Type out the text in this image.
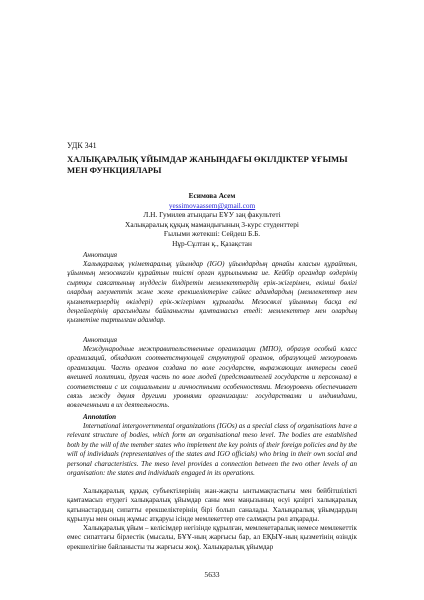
УДК 341

ХАЛЫҚАРАЛЫҚ ҰЙЫМДАР ЖАНЫНДАҒЫ ӨКІЛДІКТЕР ҰҒЫМЫ МЕН ФУНКЦИЯЛАРЫ

Есимова Асем

yessimovaassem@gmail.com

Л.Н. Гумилев атындағы ЕҰУ заң факультеті
Халықаралық құқық мамандығының 3-курс студенттері
Ғылыми жетекші: Сейдеш Б.Б.
Нұр-Сұлтан қ., Қазақстан

Аннотация

Халықаралық үкіметаралық ұйымдар (IGO) ұйымдардың арнайы класын құрайтын, ұйымның мезосвказін құрайтын тиісті орган құрылымына ие. Кейбір органдар өздерінің сыртқы саясатының мүддесін білдіретін мемлекеттердің ерік-жігерімен, екінші бөлігі олардың әлеуметтік және жеке ерекшеліктеріне сәйкес адамдардың (мемлекеттер мен қызметкерлердің өкілдері) ерік-жігерімен құрылады. Мезосвклі ұйымның басқа екі деңгейлерінің арасындағы байланысты қамтамасыз етеді: мемлекеттер мен олардың қызметіне тартылған адамдар.

Аннотация

Международные межправительственные организации (МПО), образуя особый класс организаций, обладают соответствующей структурой органов, образующей мезоуровень организации. Часть органов создана по воле государств, выражающих интересы своей внешней политики, другая часть по воле людей (представителей государств и персонала) в соответствии с их социальными и личностными особенностями. Мезоуровень обеспечивает связь между двумя другими уровнями организации: государствами и индивидами, вовлеченными в их деятельность.

Annotation

International intergovernmental organizations (IGOs) as a special class of organisations have a relevant structure of bodies, which form an organisational meso level. The bodies are established both by the will of the member states who implement the key points of their foreign policies and by the will of individuals (representatives of the states and IGO officials) who bring in their own social and personal characteristics. The meso level provides a connection between the two other levels of an organisation: the states and individuals engaged in its operations.

Халықаралық құқық субъектілерінің жан-жақты ынтымақтастығы мен бейбітшілікті қамтамасыз етудегі халықаралық ұйымдар саны мен маңызының өсуі қазіргі халықаралық қатынастардың сипатты ерекшеліктерінің бірі болып саналады. Халықаралық ұйымдардың құрылуы мен оның жұмыс атқаруы ісінде мемлекеттер өте салмақты рөл атқарады.

Халықаралық ұйым – келісімдер негізінде құрылған, мемлекетаралық немесе мемлекеттік емес сипаттағы бірлестік (мысалы, БҰҰ-ның жарғысы бар, ал ЕҚЫҰ-ның қызметінің өзіндік ерекшелігіне байланысты ты жарғысы жоқ). Халықаралық ұйымдар

5633
